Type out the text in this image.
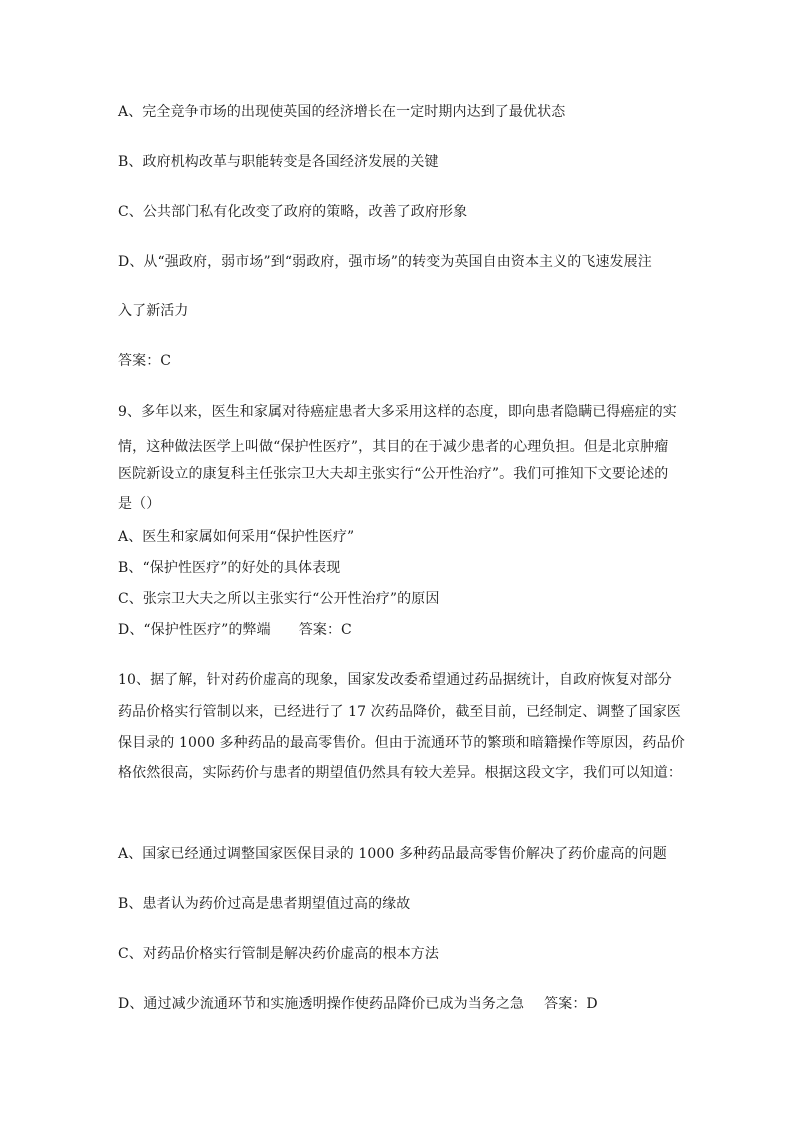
A、完全竞争市场的出现使英国的经济增长在一定时期内达到了最优状态
B、政府机构改革与职能转变是各国经济发展的关键
C、公共部门私有化改变了政府的策略，改善了政府形象
D、从“强政府，弱市场”到“弱政府，强市场”的转变为英国自由资本主义的飞速发展注
入了新活力
答案：C
9、多年以来，医生和家属对待癌症患者大多采用这样的态度，即向患者隐瞒已得癌症的实
情，这种做法医学上叫做“保护性医疗”，其目的在于减少患者的心理负担。但是北京肿瘤
医院新设立的康复科主任张宗卫大夫却主张实行“公开性治疗”。我们可推知下文要论述的
是（）
A、医生和家属如何采用“保护性医疗”
B、“保护性医疗”的好处的具体表现
C、张宗卫大夫之所以主张实行“公开性治疗”的原因
D、“保护性医疗”的弊端 答案：C
10、据了解，针对药价虚高的现象，国家发改委希望通过药品据统计，自政府恢复对部分
药品价格实行管制以来，已经进行了 17 次药品降价，截至目前，已经制定、调整了国家医
保目录的 1000 多种药品的最高零售价。但由于流通环节的繁琐和暗籍操作等原因，药品价
格依然很高，实际药价与患者的期望值仍然具有较大差异。根据这段文字，我们可以知道：
A、国家已经通过调整国家医保目录的 1000 多种药品最高零售价解决了药价虚高的问题
B、患者认为药价过高是患者期望值过高的缘故
C、对药品价格实行管制是解决药价虚高的根本方法
D、通过减少流通环节和实施透明操作使药品降价已成为当务之急 答案：D
